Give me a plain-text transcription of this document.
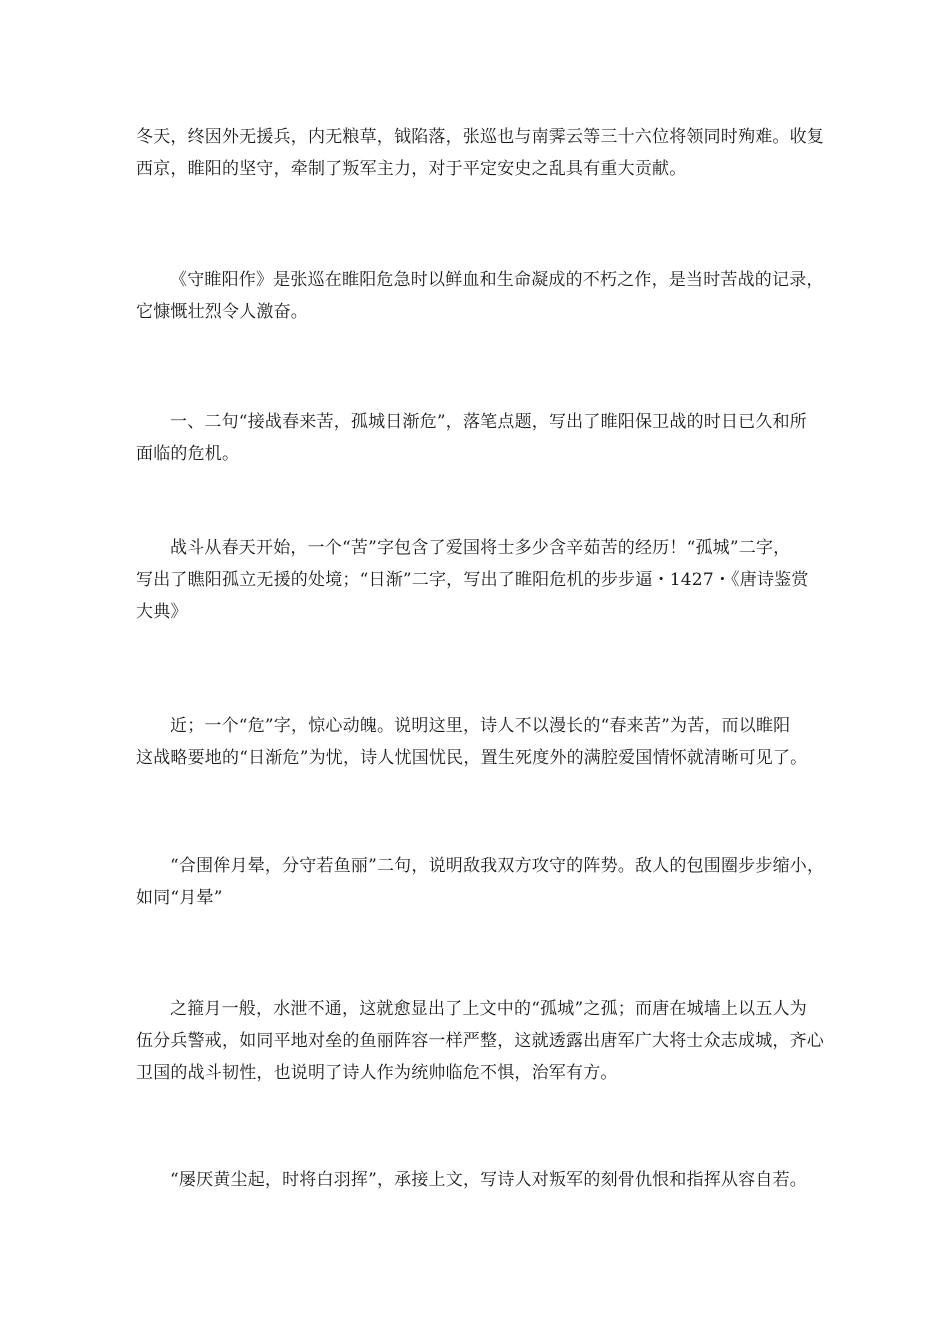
冬天，终因外无援兵，内无粮草，钺陷落，张巡也与南霁云等三十六位将领同时殉难。收复
西京，睢阳的坚守，牵制了叛军主力，对于平定安史之乱具有重大贡献。

《守睢阳作》是张巡在睢阳危急时以鲜血和生命凝成的不朽之作，是当时苦战的记录，
它慷慨壮烈令人激奋。

一、二句“接战春来苦，孤城日渐危”，落笔点题，写出了睢阳保卫战的时日已久和所
面临的危机。

战斗从春天开始，一个“苦”字包含了爱国将士多少含辛茹苦的经历！“孤城”二字，
写出了瞧阳孤立无援的处境；“日渐”二字，写出了睢阳危机的步步逼・1427・《唐诗鉴赏
大典》

近；一个“危”字，惊心动魄。说明这里，诗人不以漫长的“春来苦”为苦，而以睢阳
这战略要地的“日渐危”为忧，诗人忧国忧民，置生死度外的满腔爱国情怀就清晰可见了。

“合围侔月晕，分守若鱼丽”二句，说明敌我双方攻守的阵势。敌人的包围圈步步缩小，
如同“月晕”

之箍月一般，水泄不通，这就愈显出了上文中的“孤城”之孤；而唐在城墙上以五人为
伍分兵警戒，如同平地对垒的鱼丽阵容一样严整，这就透露出唐军广大将士众志成城，齐心
卫国的战斗韧性，也说明了诗人作为统帅临危不惧，治军有方。

“屡厌黄尘起，时将白羽挥”，承接上文，写诗人对叛军的刻骨仇恨和指挥从容自若。
